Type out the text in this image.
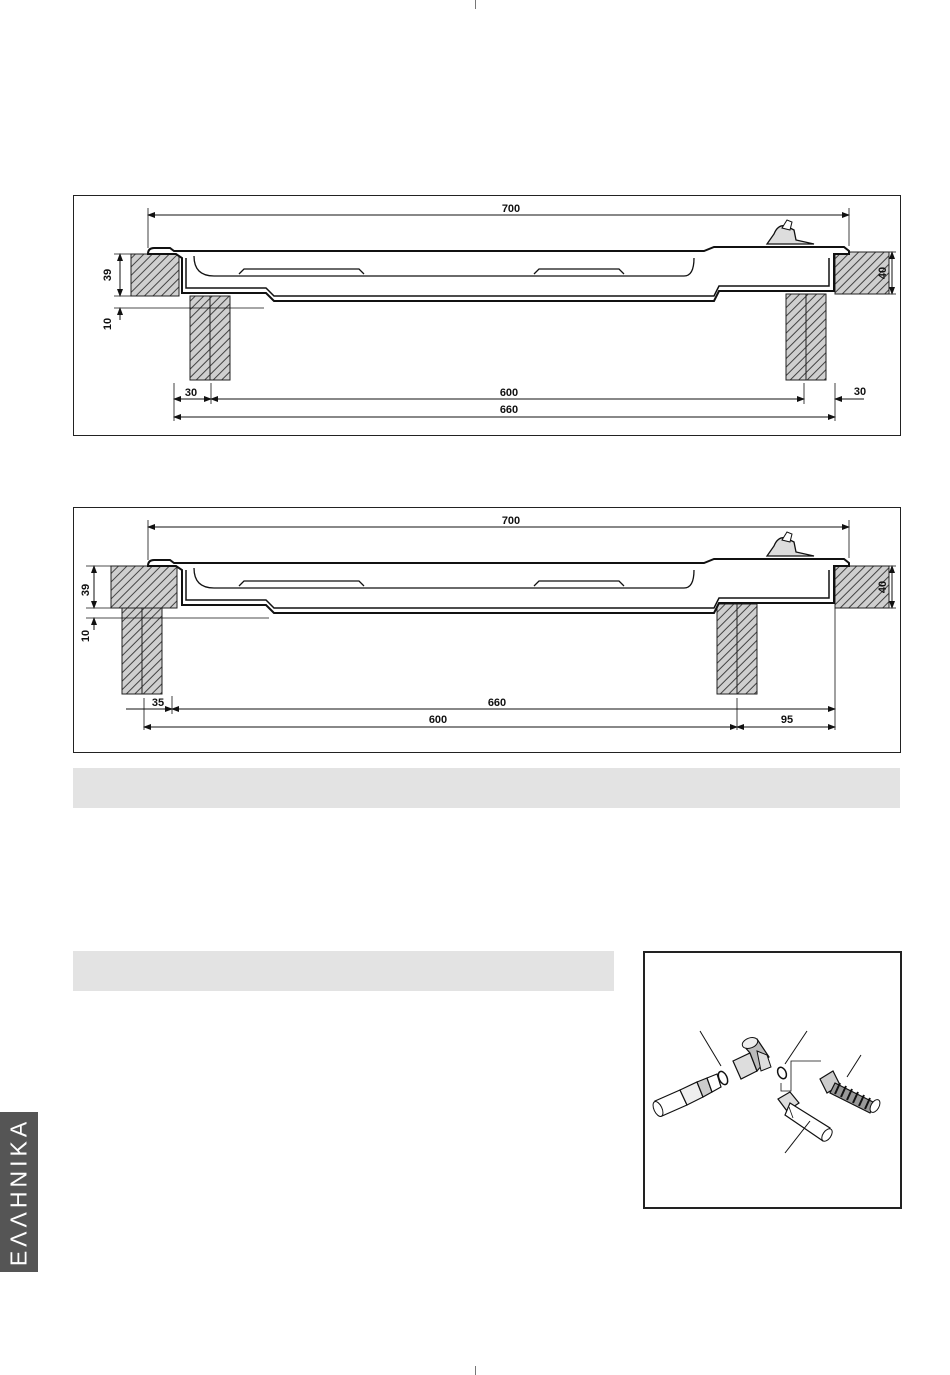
700
30	600	30
660
39
10
40
700
35	660
600	95
39
10
40
ΕΛΛΗΝΙΚΑ
